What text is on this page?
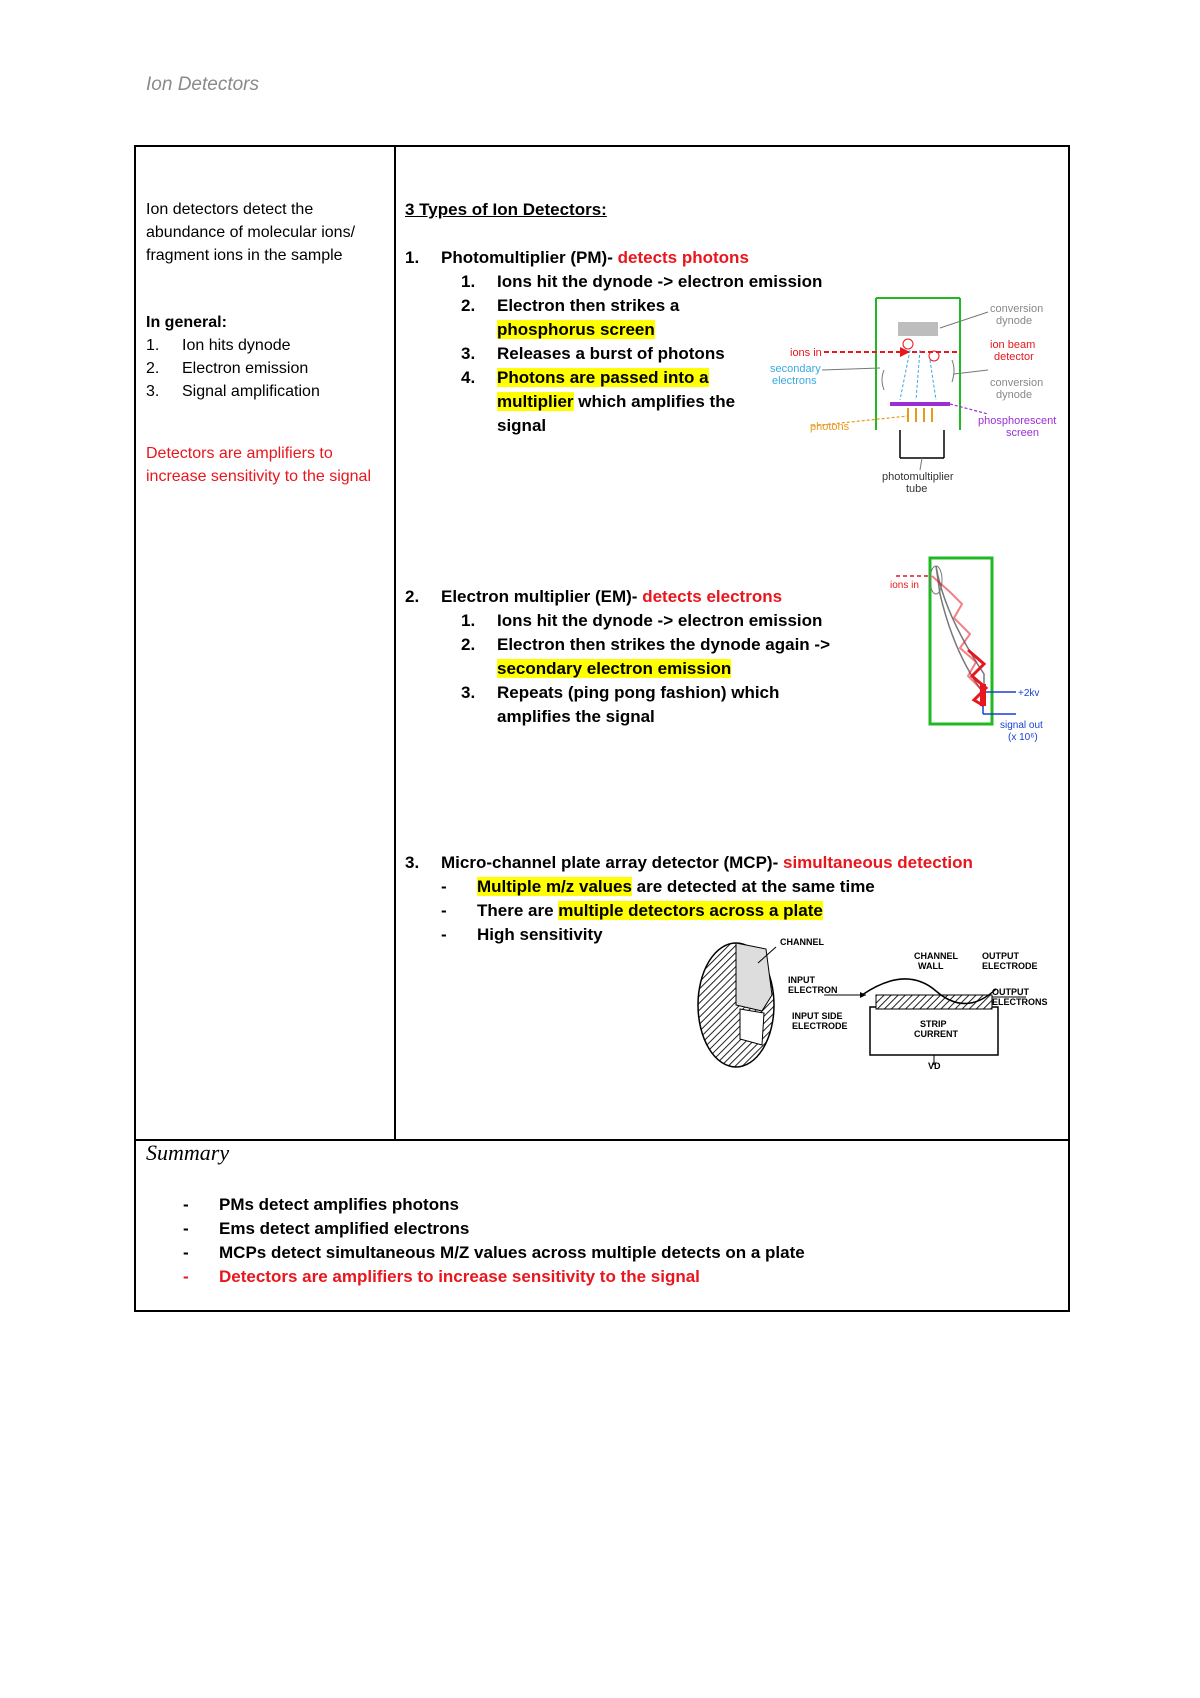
Ion Detectors
Ion detectors detect the
abundance of molecular ions/
fragment ions in the sample
In general:
1. Ion hits dynode
2. Electron emission
3. Signal amplification
Detectors are amplifiers to
increase sensitivity to the signal
3 Types of Ion Detectors:
1. Photomultiplier (PM)- detects photons
1. Ions hit the dynode -> electron emission
2. Electron then strikes a
phosphorus screen
3. Releases a burst of photons
4. Photons are passed into a
multiplier which amplifies the
signal
conversion
dynode
conversion
dynode
ions in
ion beam
detector
secondary
electrons
photons	phosphorescent
screen
photomultiplier
tube
2. Electron multiplier (EM)- detects electrons
1. Ions hit the dynode -> electron emission
2. Electron then strikes the dynode again ->
secondary electron emission
3. Repeats (ping pong fashion) which
amplifies the signal
ions in
+2kv
signal out
(x 10⁶)
3. Micro-channel plate array detector (MCP)- simultaneous detection
- Multiple m/z values are detected at the same time
- There are multiple detectors across a plate
- High sensitivity	CHANNEL
CHANNEL
WALL
OUTPUT
ELECTRODE
INPUT
ELECTRON	OUTPUT
ELECTRONS
INPUT SIDE
ELECTRODE	STRIP
CURRENT
VD
Summary
- PMs detect amplifies photons
- Ems detect amplified electrons
- MCPs detect simultaneous M/Z values across multiple detects on a plate
- Detectors are amplifiers to increase sensitivity to the signal
